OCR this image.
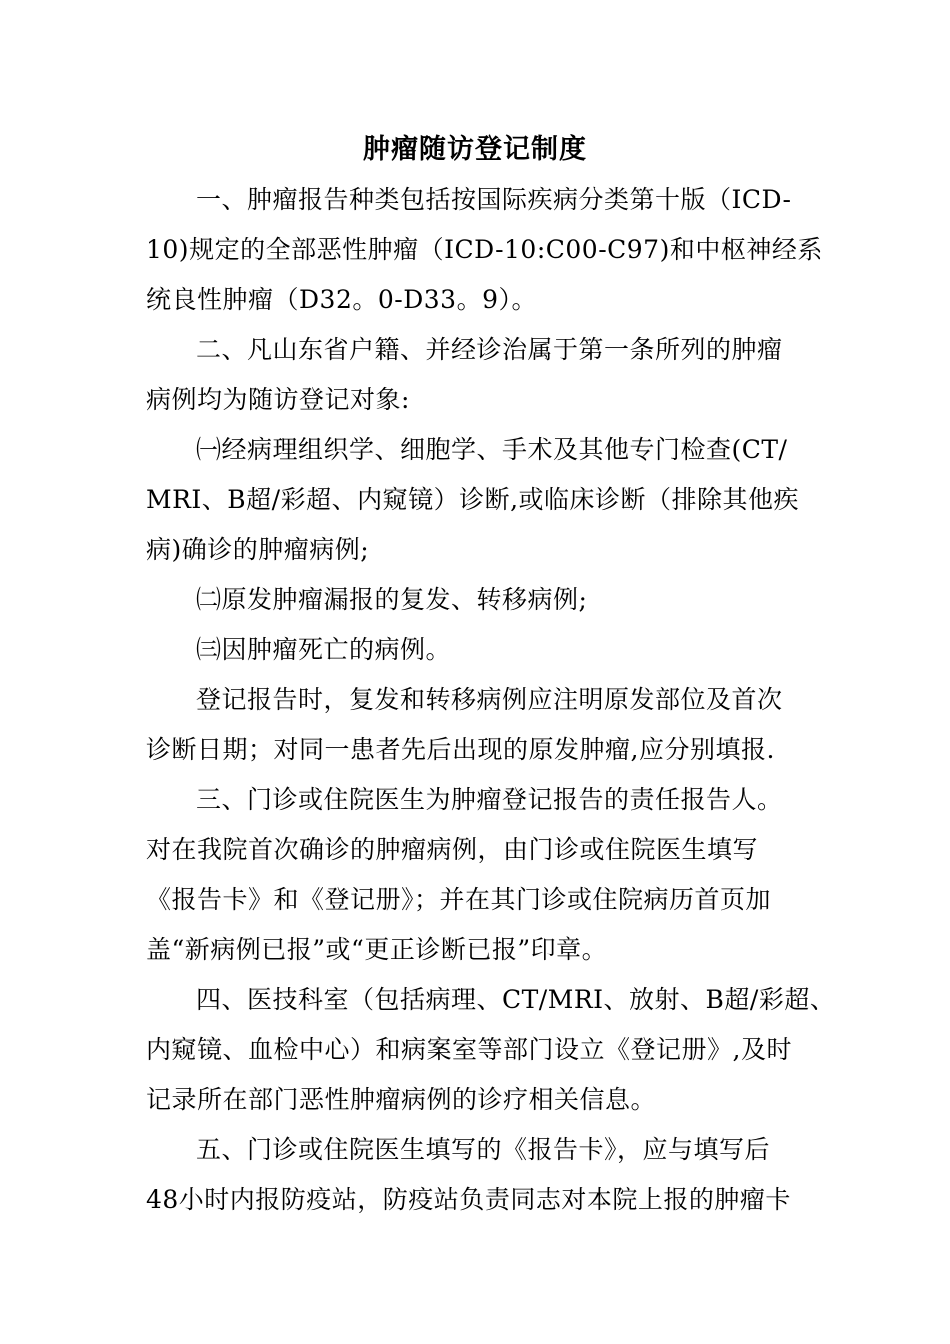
肿瘤随访登记制度
一、肿瘤报告种类包括按国际疾病分类第十版（ICD-
10)规定的全部恶性肿瘤（ICD-10:C00-C97)和中枢神经系
统良性肿瘤（D32。0-D33。9）。
二、凡山东省户籍、并经诊治属于第一条所列的肿瘤
病例均为随访登记对象:
㈠经病理组织学、细胞学、手术及其他专门检查(CT/
MRI、B超/彩超、内窥镜）诊断,或临床诊断（排除其他疾
病)确诊的肿瘤病例;
㈡原发肿瘤漏报的复发、转移病例;
㈢因肿瘤死亡的病例。
登记报告时，复发和转移病例应注明原发部位及首次
诊断日期；对同一患者先后出现的原发肿瘤,应分别填报.
三、门诊或住院医生为肿瘤登记报告的责任报告人。
对在我院首次确诊的肿瘤病例，由门诊或住院医生填写
《报告卡》和《登记册》；并在其门诊或住院病历首页加
盖“新病例已报”或“更正诊断已报”印章。
四、医技科室（包括病理、CT/MRI、放射、B超/彩超、
内窥镜、血检中心）和病案室等部门设立《登记册》,及时
记录所在部门恶性肿瘤病例的诊疗相关信息。
五、门诊或住院医生填写的《报告卡》，应与填写后
48小时内报防疫站，防疫站负责同志对本院上报的肿瘤卡
